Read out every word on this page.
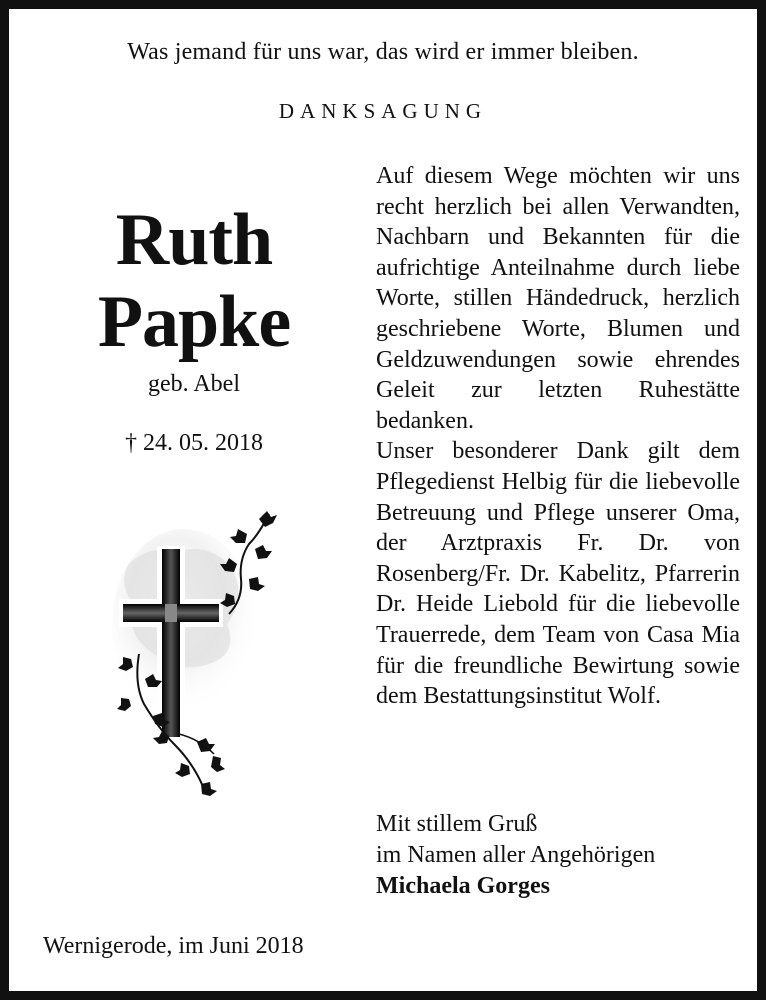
Was jemand für uns war, das wird er immer bleiben.
DANKSAGUNG
Ruth
Papke
geb. Abel
† 24. 05. 2018

Auf diesem Wege möchten wir uns recht herzlich bei allen Verwandten, Nachbarn und Bekannten für die aufrichtige Anteilnahme durch liebe Worte, stillen Händedruck, herzlich geschriebene Worte, Blumen und Geldzuwendungen sowie ehrendes Geleit zur letzten Ruhestätte bedanken.

Unser besonderer Dank gilt dem Pflegedienst Helbig für die liebevolle Betreuung und Pflege unserer Oma, der Arztpraxis Fr. Dr. von Rosenberg/Fr. Dr. Kabelitz, Pfarrerin Dr. Heide Liebold für die liebevolle Trauerrede, dem Team von Casa Mia für die freundliche Bewirtung sowie dem Bestattungsinstitut Wolf.

Mit stillem Gruß
im Namen aller Angehörigen
Michaela Gorges
Wernigerode, im Juni 2018
